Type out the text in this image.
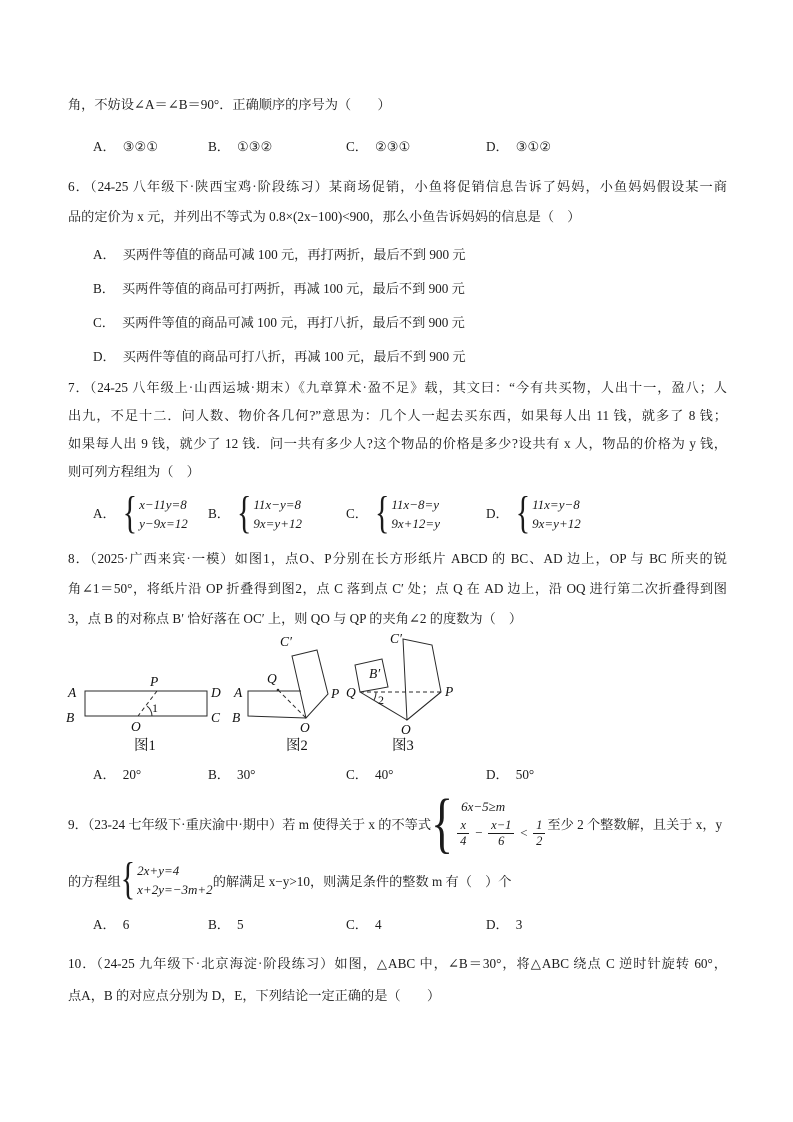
角，不妨设∠A＝∠B＝90°．正确顺序的序号为（　　）
A． ③②①	B． ①③②	C． ②③①	D． ③①②
6．（24-25 八年级下·陕西宝鸡·阶段练习）某商场促销，小鱼将促销信息告诉了妈妈，小鱼妈妈假设某一商
品的定价为 x 元，并列出不等式为 0.8×(2x−100)<900，那么小鱼告诉妈妈的信息是（　）
A． 买两件等值的商品可减 100 元，再打两折，最后不到 900 元
B． 买两件等值的商品可打两折，再减 100 元，最后不到 900 元
C． 买两件等值的商品可减 100 元，再打八折，最后不到 900 元
D． 买两件等值的商品可打八折，再减 100 元，最后不到 900 元
7．（24-25 八年级上·山西运城·期末）《九章算术·盈不足》载，其文曰：“今有共买物，人出十一，盈八；人
出九，不足十二．问人数、物价各几何?”意思为：几个人一起去买东西，如果每人出 11 钱，就多了 8 钱；
如果每人出 9 钱，就少了 12 钱．问一共有多少人?这个物品的价格是多少?设共有 x 人，物品的价格为 y 钱，
则可列方程组为（　）
A． { x−11y=8
y−9x=12
B． { 11x−y=8
9x=y+12
C． { 11x−8=y
9x+12=y
D． { 11x=y−8
9x=y+12
8．（2025·广西来宾·一模）如图1，点O、P分别在长方形纸片 ABCD 的 BC、AD 边上，OP 与 BC 所夹的锐
角∠1＝50°，将纸片沿 OP 折叠得到图2，点 C 落到点 C′ 处；点 Q 在 AD 边上，沿 OQ 进行第二次折叠得到图
3，点 B 的对称点 B′ 恰好落在 OC′ 上，则 QO 与 QP 的夹角∠2 的度数为（　）
A
B
D
C
P
O
1
图1
A
B
Q
P
O
C′
图2
Q	P
O
B′
C′
2
图3
A． 20°	B． 30°	C． 40°	D． 50°
9．（23-24 七年级下·重庆渝中·期中）若 m 使得关于 x 的不等式 { 6x−5≥m
$\frac{x}{4} - \frac{x-1}{6} < \frac{1}{2}$ 至少 2 个整数解，且关于 x，y
的方程组 { 2x+y=4
x+2y=−3m+2
的解满足 x−y>10，则满足条件的整数 m 有（　）个
A． 6	B． 5	C． 4	D． 3
10．（24-25 九年级下·北京海淀·阶段练习）如图，△ABC 中，∠B＝30°，将△ABC 绕点 C 逆时针旋转 60°，
点A，B 的对应点分别为 D，E，下列结论一定正确的是（　　）
